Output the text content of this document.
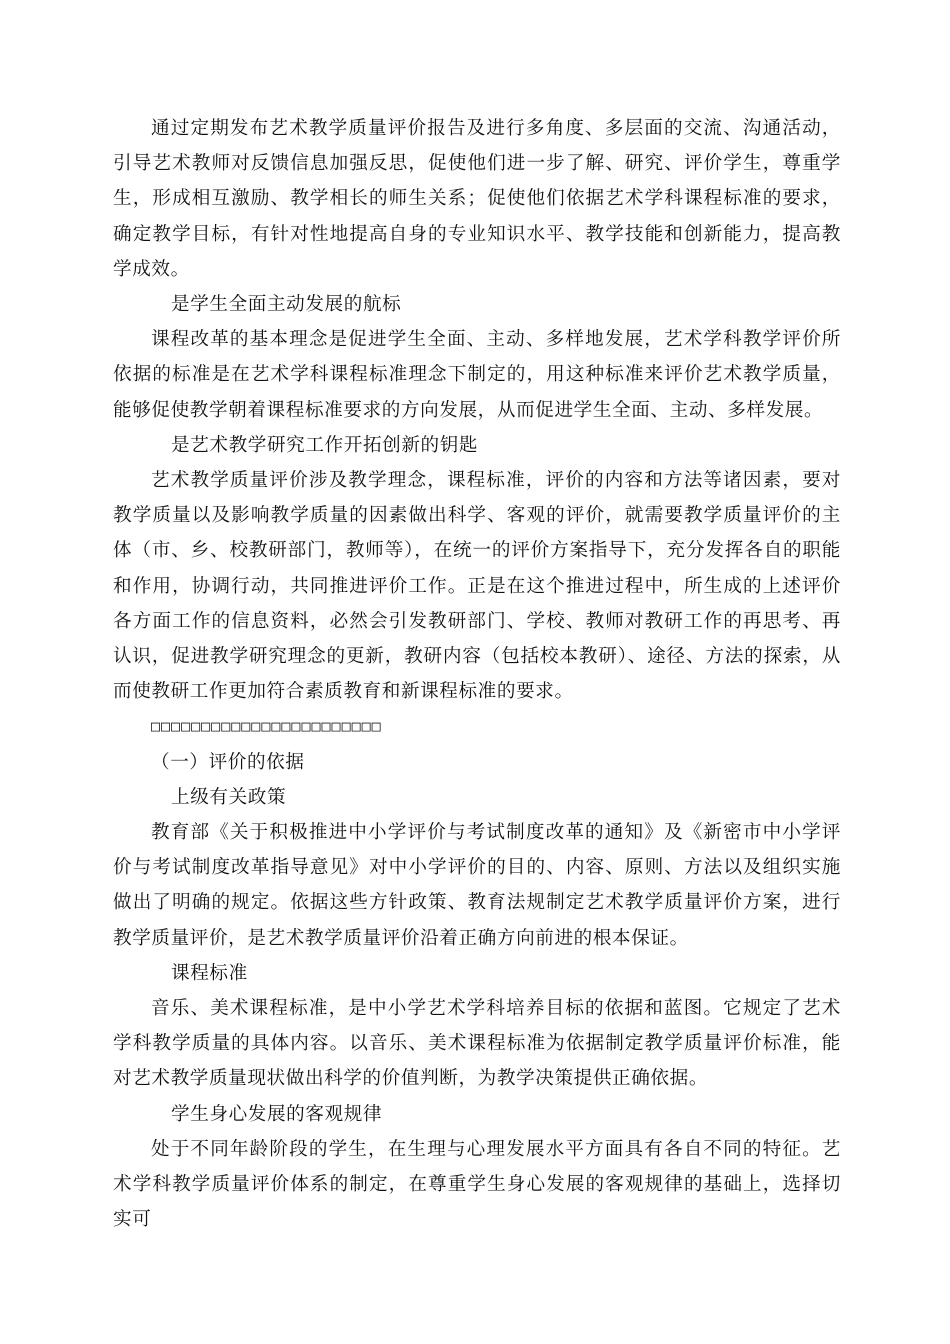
通过定期发布艺术教学质量评价报告及进行多角度、多层面的交流、沟通活动，引导艺术教师对反馈信息加强反思，促使他们进一步了解、研究、评价学生，尊重学生，形成相互激励、教学相长的师生关系；促使他们依据艺术学科课程标准的要求，确定教学目标，有针对性地提高自身的专业知识水平、教学技能和创新能力，提高教学成效。

是学生全面主动发展的航标

课程改革的基本理念是促进学生全面、主动、多样地发展，艺术学科教学评价所依据的标准是在艺术学科课程标准理念下制定的，用这种标准来评价艺术教学质量，能够促使教学朝着课程标准要求的方向发展，从而促进学生全面、主动、多样发展。

是艺术教学研究工作开拓创新的钥匙

艺术教学质量评价涉及教学理念，课程标准，评价的内容和方法等诸因素，要对教学质量以及影响教学质量的因素做出科学、客观的评价，就需要教学质量评价的主体（市、乡、校教研部门，教师等），在统一的评价方案指导下，充分发挥各自的职能和作用，协调行动，共同推进评价工作。正是在这个推进过程中，所生成的上述评价各方面工作的信息资料，必然会引发教研部门、学校、教师对教研工作的再思考、再认识，促进教学研究理念的更新，教研内容（包括校本教研）、途径、方法的探索，从而使教研工作更加符合素质教育和新课程标准的要求。

□□□□□□□□□□□□□□□□□□□□□□□

（一）评价的依据

上级有关政策

教育部《关于积极推进中小学评价与考试制度改革的通知》及《新密市中小学评价与考试制度改革指导意见》对中小学评价的目的、内容、原则、方法以及组织实施做出了明确的规定。依据这些方针政策、教育法规制定艺术教学质量评价方案，进行教学质量评价，是艺术教学质量评价沿着正确方向前进的根本保证。

课程标准

音乐、美术课程标准，是中小学艺术学科培养目标的依据和蓝图。它规定了艺术学科教学质量的具体内容。以音乐、美术课程标准为依据制定教学质量评价标准，能对艺术教学质量现状做出科学的价值判断，为教学决策提供正确依据。

学生身心发展的客观规律

处于不同年龄阶段的学生，在生理与心理发展水平方面具有各自不同的特征。艺术学科教学质量评价体系的制定，在尊重学生身心发展的客观规律的基础上，选择切实可
